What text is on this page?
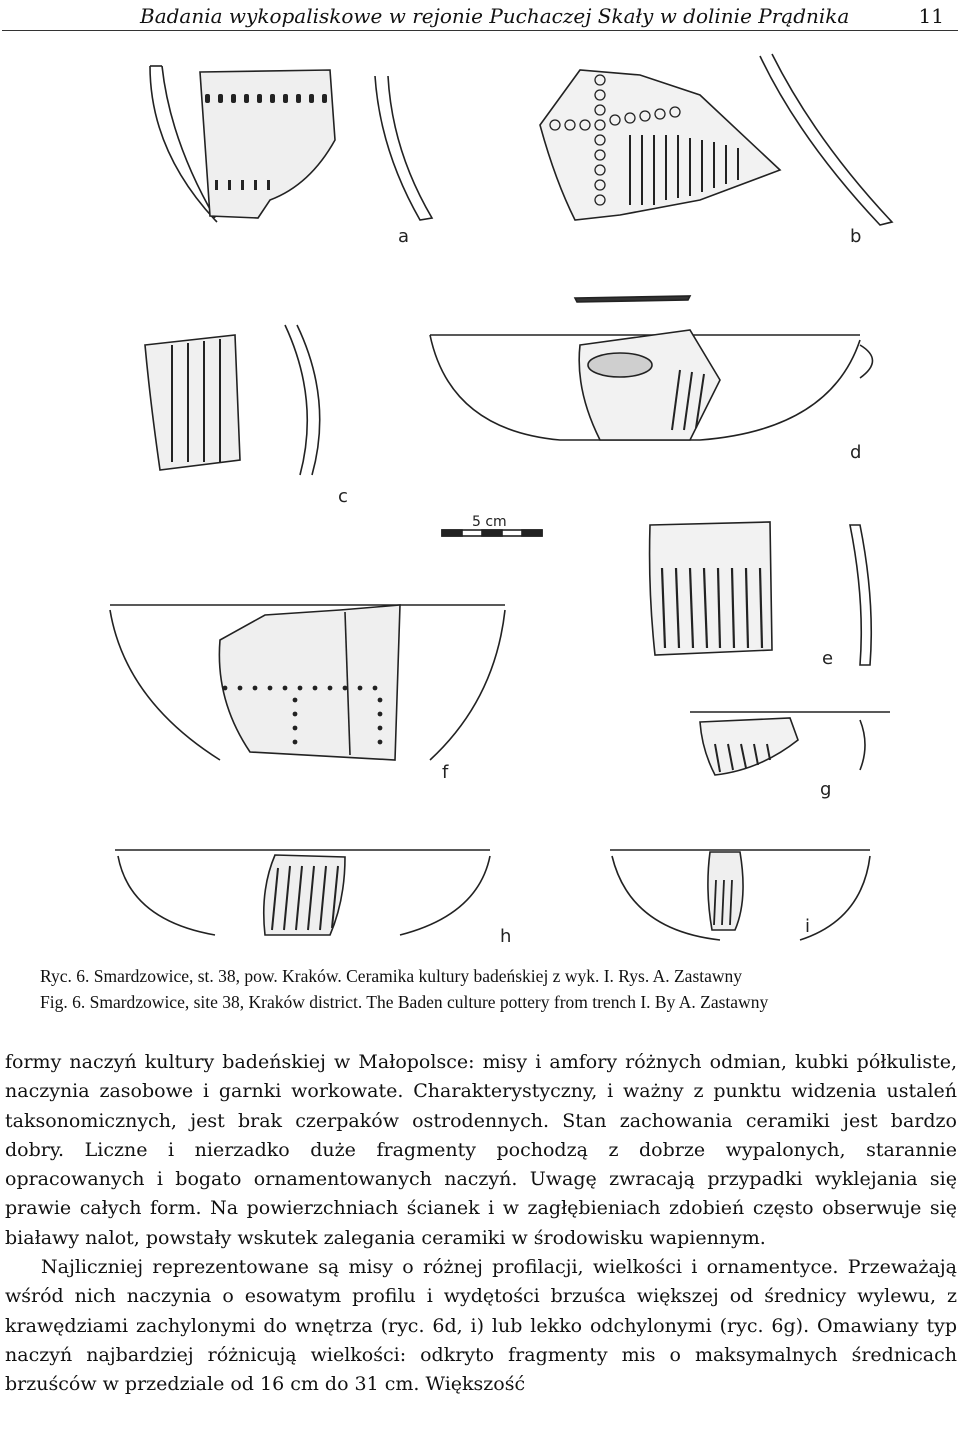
Badania wykopaliskowe w rejonie Puchaczej Skały w dolinie Prądnika	11
a	b
c
d
5 cm
e
f
g
h	i
Ryc. 6. Smardzowice, st. 38, pow. Kraków. Ceramika kultury badeńskiej z wyk. I. Rys. A. Zastawny
Fig. 6. Smardzowice, site 38, Kraków district. The Baden culture pottery from trench I. By A. Zastawny

formy naczyń kultury badeńskiej w Małopolsce: misy i amfory różnych odmian, kubki półkuliste, naczynia zasobowe i garnki workowate. Charakterystyczny, i ważny z punktu widzenia ustaleń taksonomicznych, jest brak czerpaków ostrodennych. Stan zachowania ceramiki jest bardzo dobry. Liczne i nierzadko duże fragmenty pochodzą z dobrze wypalonych, starannie opracowanych i bogato ornamentowanych naczyń. Uwagę zwracają przypadki wyklejania się prawie całych form. Na powierzchniach ścianek i w zagłębieniach zdobień często obserwuje się białawy nalot, powstały wskutek zalegania ceramiki w środowisku wapiennym.

Najliczniej reprezentowane są misy o różnej profilacji, wielkości i ornamentyce. Przeważają wśród nich naczynia o esowatym profilu i wydętości brzuśca większej od średnicy wylewu, z krawędziami zachylonymi do wnętrza (ryc. 6d, i) lub lekko odchylonymi (ryc. 6g). Omawiany typ naczyń najbardziej różnicują wielkości: odkryto fragmenty mis o maksymalnych średnicach brzuśców w przedziale od 16 cm do 31 cm. Większość
